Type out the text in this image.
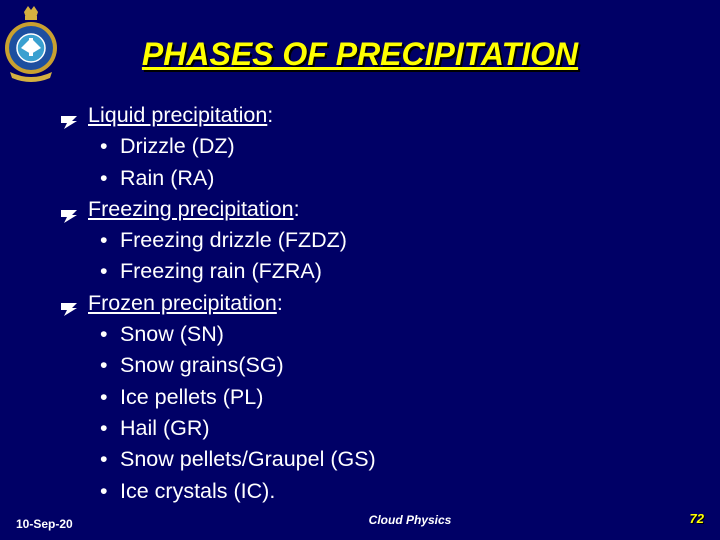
PHASES OF PRECIPITATION
Liquid precipitation :
• Drizzle (DZ)
• Rain (RA)
Freezing precipitation :
• Freezing drizzle (FZDZ)
• Freezing rain (FZRA)
Frozen precipitation :
• Snow (SN)
• Snow grains(SG)
• Ice pellets (PL)
• Hail (GR)
• Snow pellets/Graupel (GS)
• Ice crystals (IC).
10-Sep-20	Cloud Physics	72
